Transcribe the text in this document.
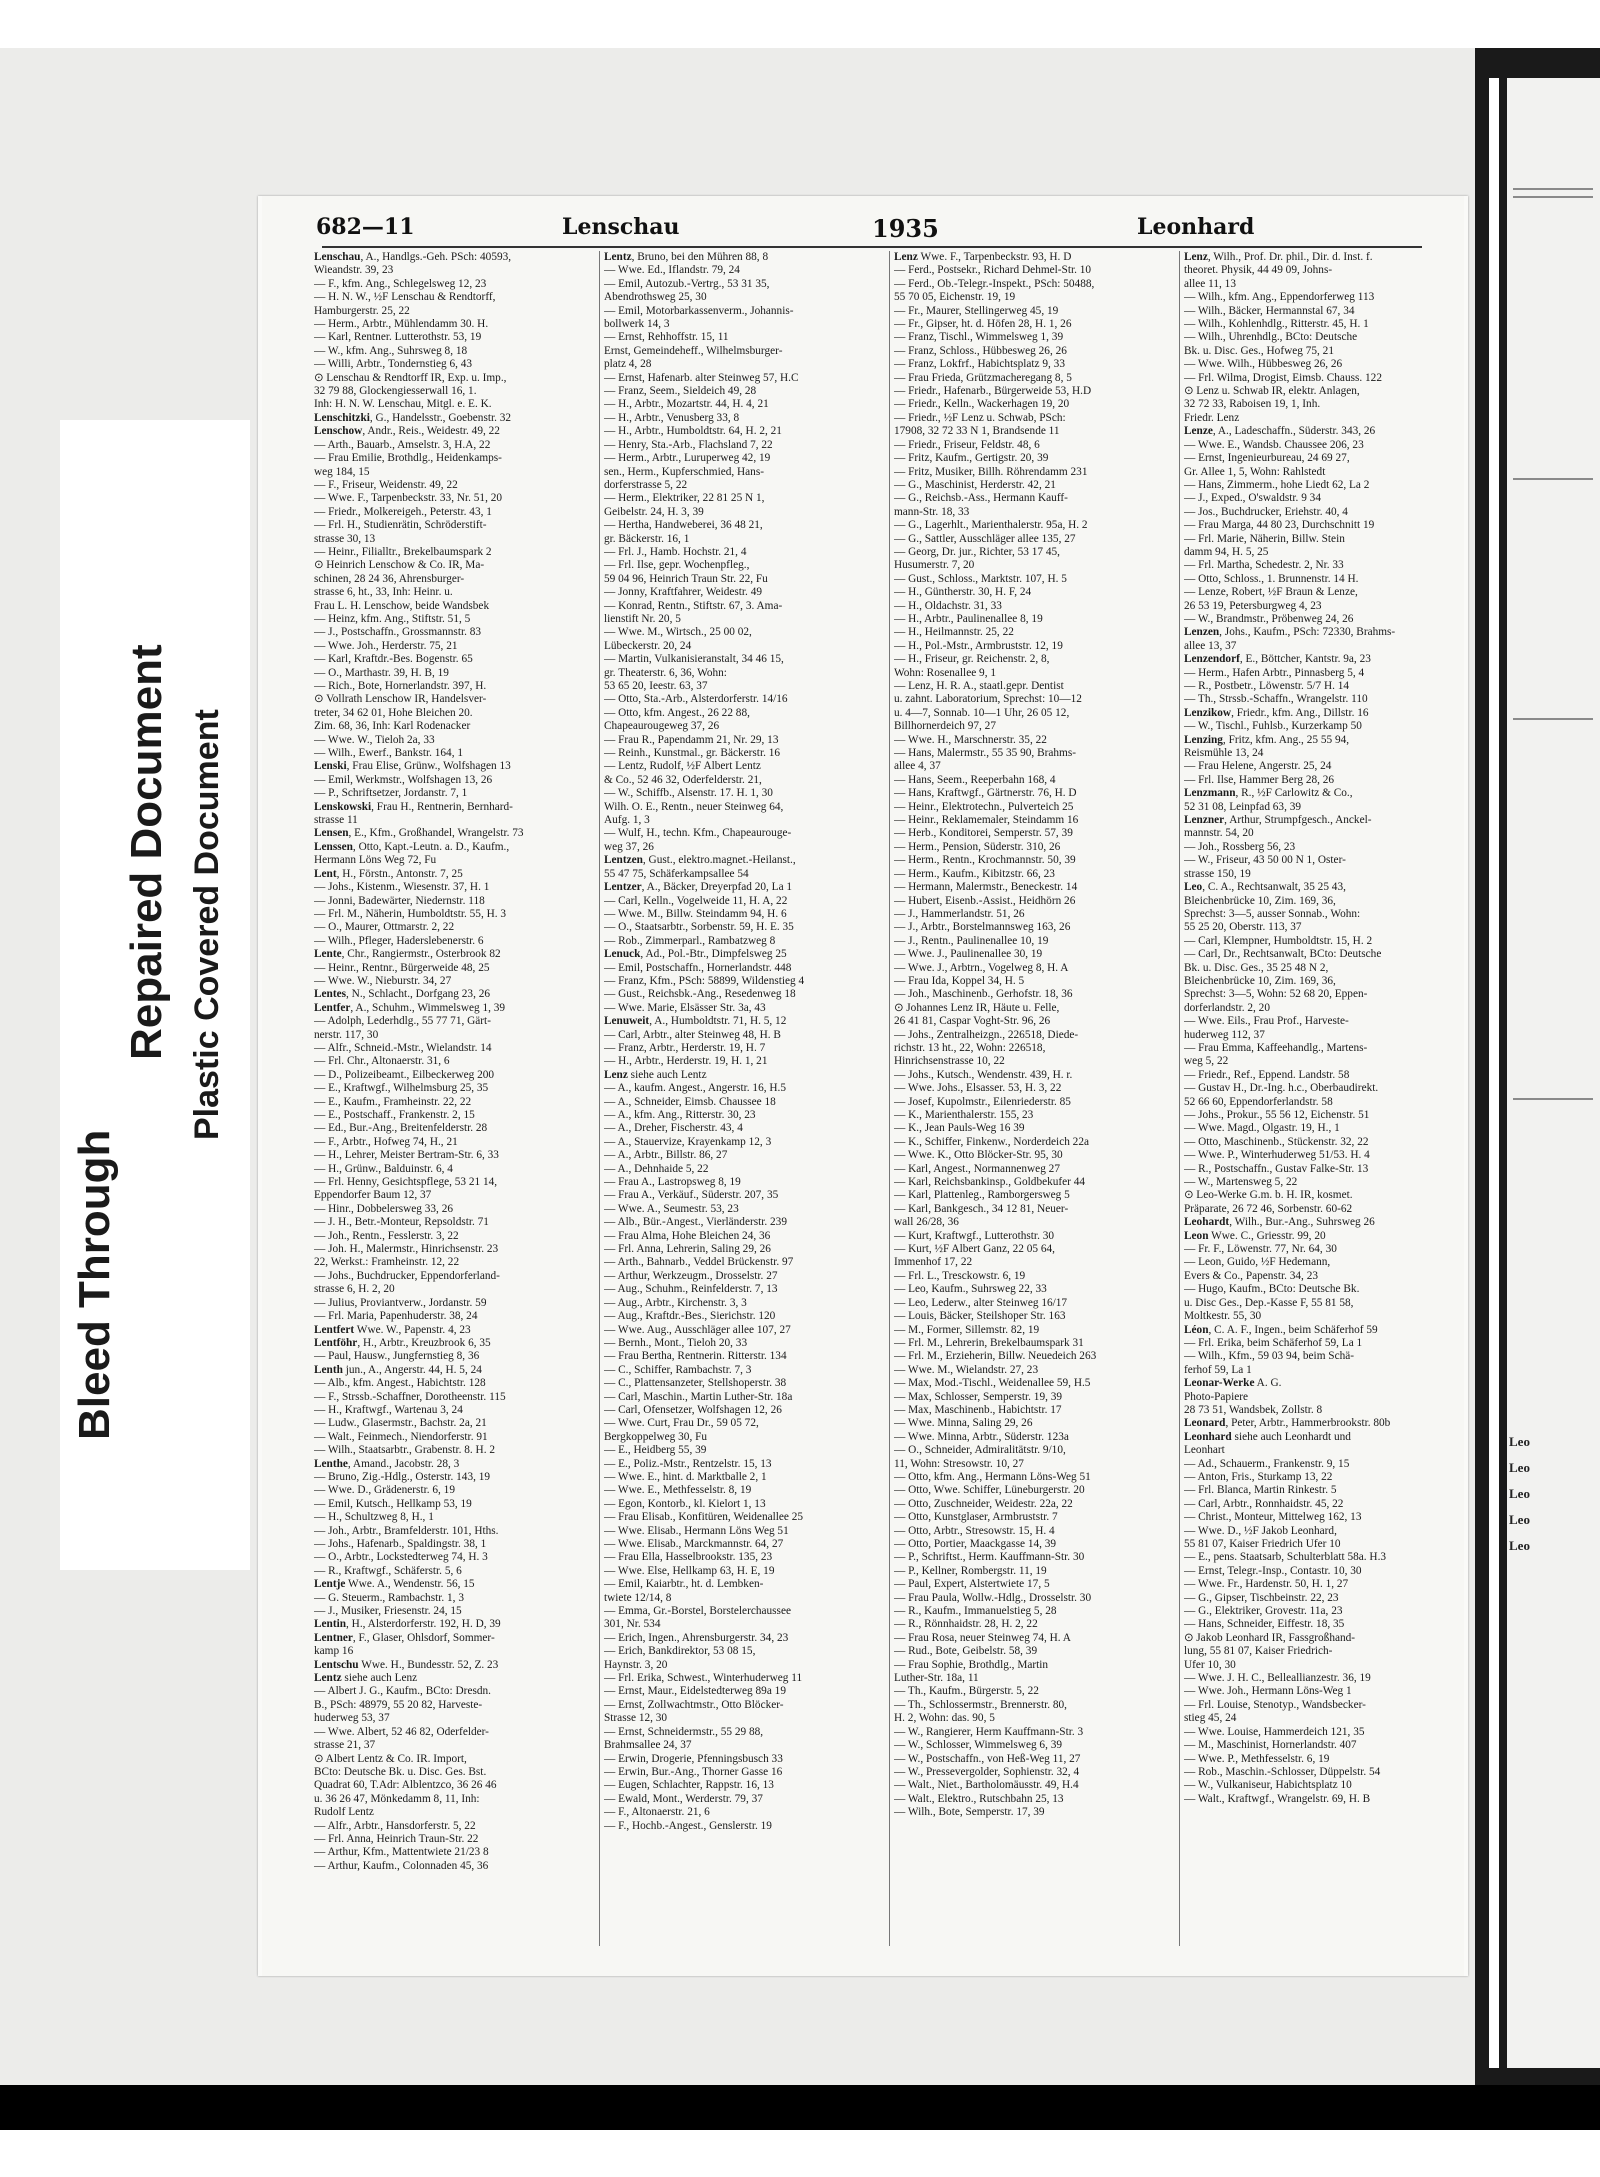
Leo
Leo
Leo
Leo
Leo
Bleed Through
Repaired Document Plastic Covered Document
682—11	Lenschau	1935	Leonhard
Lenschau, A., Handlgs.-Geh. PSch: 40593,
Wieandstr. 39, 23
— F., kfm. Ang., Schlegelsweg 12, 23
— H. N. W., ½F Lenschau & Rendtorff,
Hamburgerstr. 25, 22
— Herm., Arbtr., Mühlendamm 30. H.
— Karl, Rentner. Lutterothstr. 53, 19
— W., kfm. Ang., Suhrsweg 8, 18
— Willi, Arbtr., Tondernstieg 6, 43
⊙ Lenschau & Rendtorff IR, Exp. u. Imp.,
32 79 88, Glockengiesserwall 16, 1.
Inh: H. N. W. Lenschau, Mitgl. e. E. K.
Lenschitzki, G., Handelsstr., Goebenstr. 32
Lenschow, Andr., Reis., Weidestr. 49, 22
— Arth., Bauarb., Amselstr. 3, H.A, 22
— Frau Emilie, Brothdlg., Heidenkamps-
weg 184, 15
— F., Friseur, Weidenstr. 49, 22
— Wwe. F., Tarpenbeckstr. 33, Nr. 51, 20
— Friedr., Molkereigeh., Peterstr. 43, 1
— Frl. H., Studienrätin, Schröderstift-
strasse 30, 13
— Heinr., Filialltr., Brekelbaumspark 2
⊙ Heinrich Lenschow & Co. IR, Ma-
schinen, 28 24 36, Ahrensburger-
strasse 6, ht., 33, Inh: Heinr. u.
Frau L. H. Lenschow, beide Wandsbek
— Heinz, kfm. Ang., Stiftstr. 51, 5
— J., Postschaffn., Grossmannstr. 83
— Wwe. Joh., Herderstr. 75, 21
— Karl, Kraftdr.-Bes. Bogenstr. 65
— O., Marthastr. 39, H. B, 19
— Rich., Bote, Hornerlandstr. 397, H.
⊙ Vollrath Lenschow IR, Handelsver-
treter, 34 62 01, Hohe Bleichen 20.
Zim. 68, 36, Inh: Karl Rodenacker
— Wwe. W., Tieloh 2a, 33
— Wilh., Ewerf., Bankstr. 164, 1
Lenski, Frau Elise, Grünw., Wolfshagen 13
— Emil, Werkmstr., Wolfshagen 13, 26
— P., Schriftsetzer, Jordanstr. 7, 1
Lenskowski, Frau H., Rentnerin, Bernhard-
strasse 11
Lensen, E., Kfm., Großhandel, Wrangelstr. 73
Lenssen, Otto, Kapt.-Leutn. a. D., Kaufm.,
Hermann Löns Weg 72, Fu
Lent, H., Förstn., Antonstr. 7, 25
— Johs., Kistenm., Wiesenstr. 37, H. 1
— Jonni, Badewärter, Niedernstr. 118
— Frl. M., Näherin, Humboldtstr. 55, H. 3
— O., Maurer, Ottmarstr. 2, 22
— Wilh., Pfleger, Haderslebenerstr. 6
Lente, Chr., Rangiermstr., Osterbrook 82
— Heinr., Rentnr., Bürgerweide 48, 25
— Wwe. W., Nieburstr. 34, 27
Lentes, N., Schlacht., Dorfgang 23, 26
Lentfer, A., Schuhm., Wimmelsweg 1, 39
— Adolph, Lederhdlg., 55 77 71, Gärt-
nerstr. 117, 30
— Alfr., Schneid.-Mstr., Wielandstr. 14
— Frl. Chr., Altonaerstr. 31, 6
— D., Polizeibeamt., Eilbeckerweg 200
— E., Kraftwgf., Wilhelmsburg 25, 35
— E., Kaufm., Framheinstr. 22, 22
— E., Postschaff., Frankenstr. 2, 15
— Ed., Bur.-Ang., Breitenfelderstr. 28
— F., Arbtr., Hofweg 74, H., 21
— H., Lehrer, Meister Bertram-Str. 6, 33
— H., Grünw., Balduinstr. 6, 4
— Frl. Henny, Gesichtspflege, 53 21 14,
Eppendorfer Baum 12, 37
— Hinr., Dobbelersweg 33, 26
— J. H., Betr.-Monteur, Repsoldstr. 71
— Joh., Rentn., Fesslerstr. 3, 22
— Joh. H., Malermstr., Hinrichsenstr. 23
22, Werkst.: Framheinstr. 12, 22
— Johs., Buchdrucker, Eppendorferland-
strasse 6, H. 2, 20
— Julius, Proviantverw., Jordanstr. 59
— Frl. Maria, Papenhuderstr. 38, 24
Lentfert Wwe. W., Papenstr. 4, 23
Lentföhr, H., Arbtr., Kreuzbrook 6, 35
— Paul, Hausw., Jungfernstieg 8, 36
Lenth jun., A., Angerstr. 44, H. 5, 24
— Alb., kfm. Angest., Habichtstr. 128
— F., Strssb.-Schaffner, Dorotheenstr. 115
— H., Kraftwgf., Wartenau 3, 24
— Ludw., Glasermstr., Bachstr. 2a, 21
— Walt., Feinmech., Niendorferstr. 91
— Wilh., Staatsarbtr., Grabenstr. 8. H. 2
Lenthe, Amand., Jacobstr. 28, 3
— Bruno, Zig.-Hdlg., Osterstr. 143, 19
— Wwe. D., Grädenerstr. 6, 19
— Emil, Kutsch., Hellkamp 53, 19
— H., Schultzweg 8, H., 1
— Joh., Arbtr., Bramfelderstr. 101, Hths.
— Johs., Hafenarb., Spaldingstr. 38, 1
— O., Arbtr., Lockstedterweg 74, H. 3
— R., Kraftwgf., Schäferstr. 5, 6
Lentje Wwe. A., Wendenstr. 56, 15
— G. Steuerm., Rambachstr. 1, 3
— J., Musiker, Friesenstr. 24, 15
Lentin, H., Alsterdorferstr. 192, H. D, 39
Lentner, F., Glaser, Ohlsdorf, Sommer-
kamp 16
Lentschu Wwe. H., Bundesstr. 52, Z. 23
Lentz siehe auch Lenz
— Albert J. G., Kaufm., BCto: Dresdn.
B., PSch: 48979, 55 20 82, Harveste-
huderweg 53, 37
— Wwe. Albert, 52 46 82, Oderfelder-
strasse 21, 37
⊙ Albert Lentz & Co. IR. Import,
BCto: Deutsche Bk. u. Disc. Ges. Bst.
Quadrat 60, T.Adr: Alblentzco, 36 26 46
u. 36 26 47, Mönkedamm 8, 11, Inh:
Rudolf Lentz
— Alfr., Arbtr., Hansdorferstr. 5, 22
— Frl. Anna, Heinrich Traun-Str. 22
— Arthur, Kfm., Mattentwiete 21/23 8
— Arthur, Kaufm., Colonnaden 45, 36
Lentz, Bruno, bei den Mühren 88, 8
— Wwe. Ed., Iflandstr. 79, 24
— Emil, Autozub.-Vertrg., 53 31 35,
Abendrothsweg 25, 30
— Emil, Motorbarkassenverm., Johannis-
bollwerk 14, 3
— Ernst, Rehhoffstr. 15, 11
Ernst, Gemeindeheff., Wilhelmsburger-
platz 4, 28
— Ernst, Hafenarb. alter Steinweg 57, H.C
— Franz, Seem., Sieldeich 49, 28
— H., Arbtr., Mozartstr. 44, H. 4, 21
— H., Arbtr., Venusberg 33, 8
— H., Arbtr., Humboldtstr. 64, H. 2, 21
— Henry, Sta.-Arb., Flachsland 7, 22
— Herm., Arbtr., Luruperweg 42, 19
sen., Herm., Kupferschmied, Hans-
dorferstrasse 5, 22
— Herm., Elektriker, 22 81 25 N 1,
Geibelstr. 24, H. 3, 39
— Hertha, Handweberei, 36 48 21,
gr. Bäckerstr. 16, 1
— Frl. J., Hamb. Hochstr. 21, 4
— Frl. Ilse, gepr. Wochenpfleg.,
59 04 96, Heinrich Traun Str. 22, Fu
— Jonny, Kraftfahrer, Weidestr. 49
— Konrad, Rentn., Stiftstr. 67, 3. Ama-
lienstift Nr. 20, 5
— Wwe. M., Wirtsch., 25 00 02,
Lübeckerstr. 20, 24
— Martin, Vulkanisieranstalt, 34 46 15,
gr. Theaterstr. 6, 36, Wohn:
53 65 20, Ieestr. 63, 37
— Otto, Sta.-Arb., Alsterdorferstr. 14/16
— Otto, kfm. Angest., 26 22 88,
Chapeaurougeweg 37, 26
— Frau R., Papendamm 21, Nr. 29, 13
— Reinh., Kunstmal., gr. Bäckerstr. 16
— Lentz, Rudolf, ½F Albert Lentz
& Co., 52 46 32, Oderfelderstr. 21,
— W., Schiffb., Alsenstr. 17. H. 1, 30
Wilh. O. E., Rentn., neuer Steinweg 64,
Aufg. 1, 3
— Wulf, H., techn. Kfm., Chapeaurouge-
weg 37, 26
Lentzen, Gust., elektro.magnet.-Heilanst.,
55 47 75, Schäferkampsallee 54
Lentzer, A., Bäcker, Dreyerpfad 20, La 1
— Carl, Kelln., Vogelweide 11, H. A, 22
— Wwe. M., Billw. Steindamm 94, H. 6
— O., Staatsarbtr., Sorbenstr. 59, H. E. 35
— Rob., Zimmerparl., Rambatzweg 8
Lenuck, Ad., Pol.-Btr., Dimpfelsweg 25
— Emil, Postschaffn., Hornerlandstr. 448
— Franz, Kfm., PSch: 58899, Wildenstieg 4
— Gust., Reichsbk.-Ang., Resedenweg 18
— Wwe. Marie, Elsässer Str. 3a, 43
Lenuweit, A., Humboldtstr. 71, H. 5, 12
— Carl, Arbtr., alter Steinweg 48, H. B
— Franz, Arbtr., Herderstr. 19, H. 7
— H., Arbtr., Herderstr. 19, H. 1, 21
Lenz siehe auch Lentz
— A., kaufm. Angest., Angerstr. 16, H.5
— A., Schneider, Eimsb. Chaussee 18
— A., kfm. Ang., Ritterstr. 30, 23
— A., Dreher, Fischerstr. 43, 4
— A., Stauervize, Krayenkamp 12, 3
— A., Arbtr., Billstr. 86, 27
— A., Dehnhaide 5, 22
— Frau A., Lastropsweg 8, 19
— Frau A., Verkäuf., Süderstr. 207, 35
— Wwe. A., Seumestr. 53, 23
— Alb., Bür.-Angest., Vierländerstr. 239
— Frau Alma, Hohe Bleichen 24, 36
— Frl. Anna, Lehrerin, Saling 29, 26
— Arth., Bahnarb., Veddel Brückenstr. 97
— Arthur, Werkzeugm., Drosselstr. 27
— Aug., Schuhm., Reinfelderstr. 7, 13
— Aug., Arbtr., Kirchenstr. 3, 3
— Aug., Kraftdr.-Bes., Sierichstr. 120
— Wwe. Aug., Ausschläger allee 107, 27
— Bernh., Mont., Tieloh 20, 33
— Frau Bertha, Rentnerin. Ritterstr. 134
— C., Schiffer, Rambachstr. 7, 3
— C., Plattensanzeter, Stellshoperstr. 38
— Carl, Maschin., Martin Luther-Str. 18a
— Carl, Ofensetzer, Wolfshagen 12, 26
— Wwe. Curt, Frau Dr., 59 05 72,
Bergkoppelweg 30, Fu
— E., Heidberg 55, 39
— E., Poliz.-Mstr., Rentzelstr. 15, 13
— Wwe. E., hint. d. Marktballe 2, 1
— Wwe. E., Methfesselstr. 8, 19
— Egon, Kontorb., kl. Kielort 1, 13
— Frau Elisab., Konfitüren, Weidenallee 25
— Wwe. Elisab., Hermann Löns Weg 51
— Wwe. Elisab., Marckmannstr. 64, 27
— Frau Ella, Hasselbrookstr. 135, 23
— Wwe. Else, Hellkamp 63, H. E, 19
— Emil, Kaiarbtr., ht. d. Lembken-
twiete 12/14, 8
— Emma, Gr.-Borstel, Borstelerchaussee
301, Nr. 534
— Erich, Ingen., Ahrensburgerstr. 34, 23
— Erich, Bankdirektor, 53 08 15,
Haynstr. 3, 20
— Frl. Erika, Schwest., Winterhuderweg 11
— Ernst, Maur., Eidelstedterweg 89a 19
— Ernst, Zollwachtmstr., Otto Blöcker-
Strasse 12, 30
— Ernst, Schneidermstr., 55 29 88,
Brahmsallee 24, 37
— Erwin, Drogerie, Pfenningsbusch 33
— Erwin, Bur.-Ang., Thorner Gasse 16
— Eugen, Schlachter, Rappstr. 16, 13
— Ewald, Mont., Werderstr. 79, 37
— F., Altonaerstr. 21, 6
— F., Hochb.-Angest., Genslerstr. 19
Lenz Wwe. F., Tarpenbeckstr. 93, H. D
— Ferd., Postsekr., Richard Dehmel-Str. 10
— Ferd., Ob.-Telegr.-Inspekt., PSch: 50488,
55 70 05, Eichenstr. 19, 19
— Fr., Maurer, Stellingerweg 45, 19
— Fr., Gipser, ht. d. Höfen 28, H. 1, 26
— Franz, Tischl., Wimmelsweg 1, 39
— Franz, Schloss., Hübbesweg 26, 26
— Franz, Lokfrf., Habichtsplatz 9, 33
— Frau Frieda, Grützmacheregang 8, 5
— Friedr., Hafenarb., Bürgerweide 53, H.D
— Friedr., Kelln., Wackerhagen 19, 20
— Friedr., ½F Lenz u. Schwab, PSch:
17908, 32 72 33 N 1, Brandsende 11
— Friedr., Friseur, Feldstr. 48, 6
— Fritz, Kaufm., Gertigstr. 20, 39
— Fritz, Musiker, Billh. Röhrendamm 231
— G., Maschinist, Herderstr. 42, 21
— G., Reichsb.-Ass., Hermann Kauff-
mann-Str. 18, 33
— G., Lagerhlt., Marienthalerstr. 95a, H. 2
— G., Sattler, Ausschläger allee 135, 27
— Georg, Dr. jur., Richter, 53 17 45,
Husumerstr. 7, 20
— Gust., Schloss., Marktstr. 107, H. 5
— H., Güntherstr. 30, H. F, 24
— H., Oldachstr. 31, 33
— H., Arbtr., Paulinenallee 8, 19
— H., Heilmannstr. 25, 22
— H., Pol.-Mstr., Armbruststr. 12, 19
— H., Friseur, gr. Reichenstr. 2, 8,
Wohn: Rosenallee 9, 1
— Lenz, H. R. A., staatl.gepr. Dentist
u. zahnt. Laboratorium, Sprechst: 10—12
u. 4—7, Sonnab. 10—1 Uhr, 26 05 12,
Billhornerdeich 97, 27
— Wwe. H., Marschnerstr. 35, 22
— Hans, Malermstr., 55 35 90, Brahms-
allee 4, 37
— Hans, Seem., Reeperbahn 168, 4
— Hans, Kraftwgf., Gärtnerstr. 76, H. D
— Heinr., Elektrotechn., Pulverteich 25
— Heinr., Reklamemaler, Steindamm 16
— Herb., Konditorei, Semperstr. 57, 39
— Herm., Pension, Süderstr. 310, 26
— Herm., Rentn., Krochmannstr. 50, 39
— Herm., Kaufm., Kibitzstr. 66, 23
— Hermann, Malermstr., Beneckestr. 14
— Hubert, Eisenb.-Assist., Heidhörn 26
— J., Hammerlandstr. 51, 26
— J., Arbtr., Borstelmannsweg 163, 26
— J., Rentn., Paulinenallee 10, 19
— Wwe. J., Paulinenallee 30, 19
— Wwe. J., Arbtrn., Vogelweg 8, H. A
— Frau Ida, Koppel 34, H. 5
— Joh., Maschinenb., Gerhofstr. 18, 36
⊙ Johannes Lenz IR, Häute u. Felle,
26 41 81, Caspar Voght-Str. 96, 26
— Johs., Zentralheizgn., 226518, Diede-
richstr. 13 ht., 22, Wohn: 226518,
Hinrichsenstrasse 10, 22
— Johs., Kutsch., Wendenstr. 439, H. r.
— Wwe. Johs., Elsasser. 53, H. 3, 22
— Josef, Kupolmstr., Eilenriederstr. 85
— K., Marienthalerstr. 155, 23
— K., Jean Pauls-Weg 16 39
— K., Schiffer, Finkenw., Norderdeich 22a
— Wwe. K., Otto Blöcker-Str. 95, 30
— Karl, Angest., Normannenweg 27
— Karl, Reichsbankinsp., Goldbekufer 44
— Karl, Plattenleg., Ramborgersweg 5
— Karl, Bankgesch., 34 12 81, Neuer-
wall 26/28, 36
— Kurt, Kraftwgf., Lutterothstr. 30
— Kurt, ½F Albert Ganz, 22 05 64,
Immenhof 17, 22
— Frl. L., Tresckowstr. 6, 19
— Leo, Kaufm., Suhrsweg 22, 33
— Leo, Lederw., alter Steinweg 16/17
— Louis, Bäcker, Steilshoper Str. 163
— M., Former, Sillemstr. 82, 19
— Frl. M., Lehrerin, Brekelbaumspark 31
— Frl. M., Erzieherin, Billw. Neuedeich 263
— Wwe. M., Wielandstr. 27, 23
— Max, Mod.-Tischl., Weidenallee 59, H.5
— Max, Schlosser, Semperstr. 19, 39
— Max, Maschinenb., Habichtstr. 17
— Wwe. Minna, Saling 29, 26
— Wwe. Minna, Arbtr., Süderstr. 123a
— O., Schneider, Admiralitätstr. 9/10,
11, Wohn: Stresowstr. 10, 27
— Otto, kfm. Ang., Hermann Löns-Weg 51
— Otto, Wwe. Schiffer, Lüneburgerstr. 20
— Otto, Zuschneider, Weidestr. 22a, 22
— Otto, Kunstglaser, Armbruststr. 7
— Otto, Arbtr., Stresowstr. 15, H. 4
— Otto, Portier, Maackgasse 14, 39
— P., Schriftst., Herm. Kauffmann-Str. 30
— P., Kellner, Rombergstr. 11, 19
— Paul, Expert, Alstertwiete 17, 5
— Frau Paula, Wollw.-Hdlg., Drosselstr. 30
— R., Kaufm., Immanuelstieg 5, 28
— R., Rönnhaidstr. 28, H. 2, 22
— Frau Rosa, neuer Steinweg 74, H. A
— Rud., Bote, Geibelstr. 58, 39
— Frau Sophie, Brothdlg., Martin
Luther-Str. 18a, 11
— Th., Kaufm., Bürgerstr. 5, 22
— Th., Schlossermstr., Brennerstr. 80,
H. 2, Wohn: das. 90, 5
— W., Rangierer, Herm Kauffmann-Str. 3
— W., Schlosser, Wimmelsweg 6, 39
— W., Postschaffn., von Heß-Weg 11, 27
— W., Pressevergolder, Sophienstr. 32, 4
— Walt., Niet., Bartholomäusstr. 49, H.4
— Walt., Elektro., Rutschbahn 25, 13
— Wilh., Bote, Semperstr. 17, 39
Lenz, Wilh., Prof. Dr. phil., Dir. d. Inst. f.
theoret. Physik, 44 49 09, Johns-
allee 11, 13
— Wilh., kfm. Ang., Eppendorferweg 113
— Wilh., Bäcker, Hermannstal 67, 34
— Wilh., Kohlenhdlg., Ritterstr. 45, H. 1
— Wilh., Uhrenhdlg., BCto: Deutsche
Bk. u. Disc. Ges., Hofweg 75, 21
— Wwe. Wilh., Hübbesweg 26, 26
— Frl. Wilma, Drogist, Eimsb. Chauss. 122
⊙ Lenz u. Schwab IR, elektr. Anlagen,
32 72 33, Raboisen 19, 1, Inh.
Friedr. Lenz
Lenze, A., Ladeschaffn., Süderstr. 343, 26
— Wwe. E., Wandsb. Chaussee 206, 23
— Ernst, Ingenieurbureau, 24 69 27,
Gr. Allee 1, 5, Wohn: Rahlstedt
— Hans, Zimmerm., hohe Liedt 62, La 2
— J., Exped., O'swaldstr. 9 34
— Jos., Buchdrucker, Eriehstr. 40, 4
— Frau Marga, 44 80 23, Durchschnitt 19
— Frl. Marie, Näherin, Billw. Stein
damm 94, H. 5, 25
— Frl. Martha, Schedestr. 2, Nr. 33
— Otto, Schloss., 1. Brunnenstr. 14 H.
— Lenze, Robert, ½F Braun & Lenze,
26 53 19, Petersburgweg 4, 23
— W., Brandmstr., Pröbenweg 24, 26
Lenzen, Johs., Kaufm., PSch: 72330, Brahms-
allee 13, 37
Lenzendorf, E., Böttcher, Kantstr. 9a, 23
— Herm., Hafen Arbtr., Pinnasberg 5, 4
— R., Postbetr., Löwenstr. 5/7 H. 14
— Th., Strssb.-Schaffn., Wrangelstr. 110
Lenzikow, Friedr., kfm. Ang., Dillstr. 16
— W., Tischl., Fuhlsb., Kurzerkamp 50
Lenzing, Fritz, kfm. Ang., 25 55 94,
Reismühle 13, 24
— Frau Helene, Angerstr. 25, 24
— Frl. Ilse, Hammer Berg 28, 26
Lenzmann, R., ½F Carlowitz & Co.,
52 31 08, Leinpfad 63, 39
Lenzner, Arthur, Strumpfgesch., Anckel-
mannstr. 54, 20
— Joh., Rossberg 56, 23
— W., Friseur, 43 50 00 N 1, Oster-
strasse 150, 19
Leo, C. A., Rechtsanwalt, 35 25 43,
Bleichenbrücke 10, Zim. 169, 36,
Sprechst: 3—5, ausser Sonnab., Wohn:
55 25 20, Oberstr. 113, 37
— Carl, Klempner, Humboldtstr. 15, H. 2
— Carl, Dr., Rechtsanwalt, BCto: Deutsche
Bk. u. Disc. Ges., 35 25 48 N 2,
Bleichenbrücke 10, Zim. 169, 36,
Sprechst: 3—5, Wohn: 52 68 20, Eppen-
dorferlandstr. 2, 20
— Wwe. Eils., Frau Prof., Harveste-
huderweg 112, 37
— Frau Emma, Kaffeehandlg., Martens-
weg 5, 22
— Friedr., Ref., Eppend. Landstr. 58
— Gustav H., Dr.-Ing. h.c., Oberbaudirekt.
52 66 60, Eppendorferlandstr. 58
— Johs., Prokur., 55 56 12, Eichenstr. 51
— Wwe. Magd., Olgastr. 19, H., 1
— Otto, Maschinenb., Stückenstr. 32, 22
— Wwe. P., Winterhuderweg 51/53. H. 4
— R., Postschaffn., Gustav Falke-Str. 13
— W., Martensweg 5, 22
⊙ Leo-Werke G.m. b. H. IR, kosmet.
Präparate, 26 72 46, Sorbenstr. 60-62
Leohardt, Wilh., Bur.-Ang., Suhrsweg 26
Leon Wwe. C., Griesstr. 99, 20
— Fr. F., Löwenstr. 77, Nr. 64, 30
— Leon, Guido, ½F Hedemann,
Evers & Co., Papenstr. 34, 23
— Hugo, Kaufm., BCto: Deutsche Bk.
u. Disc Ges., Dep.-Kasse F, 55 81 58,
Moltkestr. 55, 30
Léon, C. A. F., Ingen., beim Schäferhof 59
— Frl. Erika, beim Schäferhof 59, La 1
— Wilh., Kfm., 59 03 94, beim Schä-
ferhof 59, La 1
Leonar-Werke A. G.
Photo-Papiere
28 73 51, Wandsbek, Zollstr. 8
Leonard, Peter, Arbtr., Hammerbrookstr. 80b
Leonhard siehe auch Leonhardt und
Leonhart
— Ad., Schauerm., Frankenstr. 9, 15
— Anton, Fris., Sturkamp 13, 22
— Frl. Blanca, Martin Rinkestr. 5
— Carl, Arbtr., Ronnhaidstr. 45, 22
— Christ., Monteur, Mittelweg 162, 13
— Wwe. D., ½F Jakob Leonhard,
55 81 07, Kaiser Friedrich Ufer 10
— E., pens. Staatsarb, Schulterblatt 58a. H.3
— Ernst, Telegr.-Insp., Contastr. 10, 30
— Wwe. Fr., Hardenstr. 50, H. 1, 27
— G., Gipser, Tischbeinstr. 22, 23
— G., Elektriker, Grovestr. 11a, 23
— Hans, Schneider, Eiffestr. 18, 35
⊙ Jakob Leonhard IR, Fassgroßhand-
lung, 55 81 07, Kaiser Friedrich-
Ufer 10, 30
— Wwe. J. H. C., Belleallianzestr. 36, 19
— Wwe. Joh., Hermann Löns-Weg 1
— Frl. Louise, Stenotyp., Wandsbecker-
stieg 45, 24
— Wwe. Louise, Hammerdeich 121, 35
— M., Maschinist, Hornerlandstr. 407
— Wwe. P., Methfesselstr. 6, 19
— Rob., Maschin.-Schlosser, Düppelstr. 54
— W., Vulkaniseur, Habichtsplatz 10
— Walt., Kraftwgf., Wrangelstr. 69, H. B
